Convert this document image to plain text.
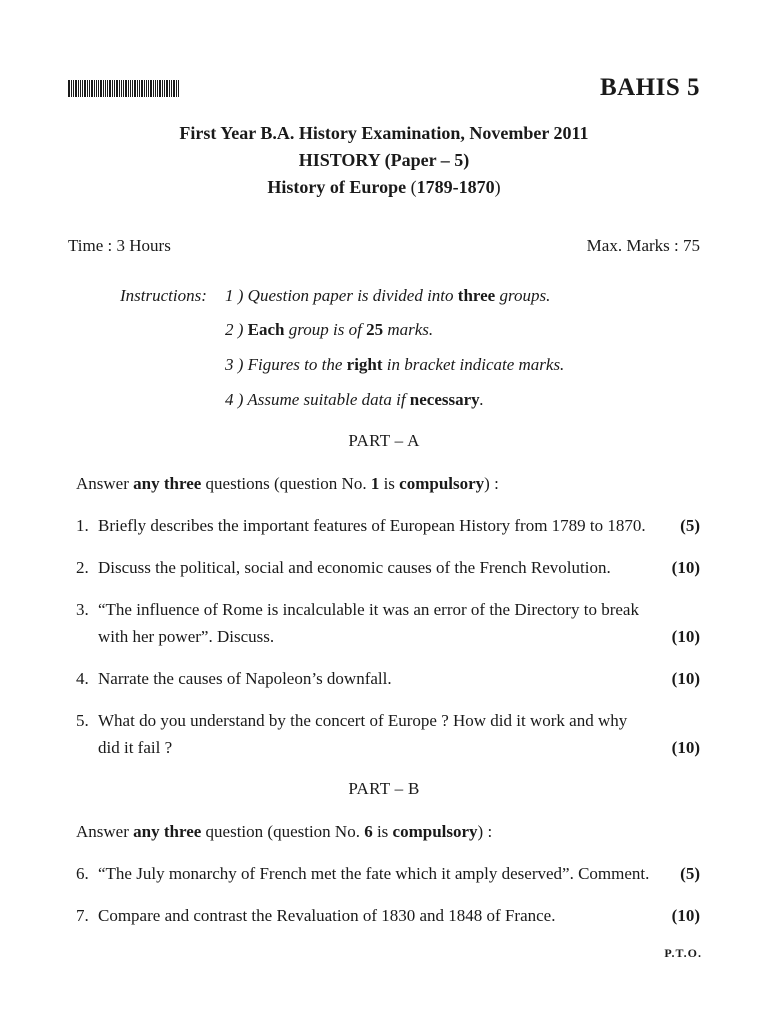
BAHIS 5
First Year B.A. History Examination, November 2011
HISTORY (Paper – 5)
History of Europe (1789-1870)
Time : 3 Hours	Max. Marks : 75
Instructions: 1 ) Question paper is divided into three groups.
2 ) Each group is of 25 marks.
3 ) Figures to the right in bracket indicate marks.
4 ) Assume suitable data if necessary.
PART – A
Answer any three questions (question No. 1 is compulsory) :
1. Briefly describes the important features of European History from 1789 to 1870.	(5)
2. Discuss the political, social and economic causes of the French Revolution.	(10)
3. “The influence of Rome is incalculable it was an error of the Directory to break with her power”. Discuss.	(10)
4. Narrate the causes of Napoleon’s downfall.	(10)
5. What do you understand by the concert of Europe ? How did it work and why did it fail ?	(10)
PART – B
Answer any three question (question No. 6 is compulsory) :
6. “The July monarchy of French met the fate which it amply deserved”. Comment.	(5)
7. Compare and contrast the Revaluation of 1830 and 1848 of France.	(10)
P.T.O.
